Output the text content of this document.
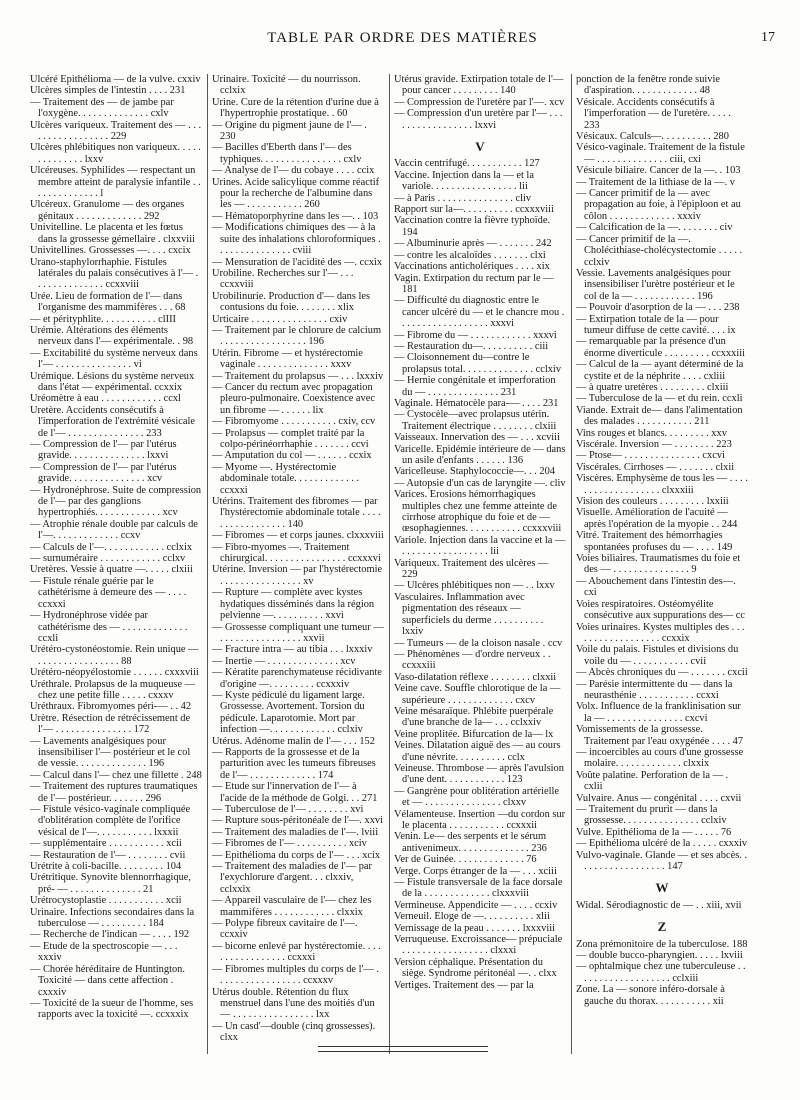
TABLE PAR ORDRE DES MATIÈRES	17

Ulcéré Epithélioma — de la vulve. cxxiv

Ulcères simples de l'intestin . . . . 231

— Traitement des — de jambe par l'oxygène. . . . . . . . . . . . . . cxlv

Ulcères variqueux. Traitement des — . . . . . . . . . . . . . . . . . 229

Ulcères phlébitiques non variqueux. . . . . . . . . . . . . . lxxv

Ulcéreuses. Syphilides — respectant un membre atteint de paralysie infantile . . . . . . . . . . . . . . l

Ulcéreux. Granulome — des organes génitaux . . . . . . . . . . . . . 292

Univitelline. Le placenta et les fœtus dans la grossesse gémellaire . clxxviii

Univitellines. Grossesses —. . . . cxcix

Urano-staphylorrhaphie. Fistules latérales du palais consécutives à l'— . . . . . . . . . . . . . . ccxxviii

Urée. Lieu de formation de l'— dans l'organisme des mammifères . . . 68

— et pérityphlite. . . . . . . . . . . clIII

Urémie. Altérations des éléments nerveux dans l'— expérimentale. . 98

— Excitabilité du système nerveux dans l'— . . . . . . . . . . . . . . . vi

Urémique. Lésions du système nerveux dans l'état — expérimental. ccxxix

Uréomètre à eau . . . . . . . . . . . . ccxl

Uretère. Accidents consécutifs à l'imperforation de l'extrémité vésicale de l'— . . . . . . . . . . . . . . . 233

— Compression de l'— par l'utérus gravide. . . . . . . . . . . . . . . lxxvi

— Compression de l'— par l'utérus gravide. . . . . . . . . . . . . . . xcv

— Hydronéphrose. Suite de compression de l'— par des ganglions hypertrophiés. . . . . . . . . . . . . xcv

— Atrophie rénale double par calculs de l'—. . . . . . . . . . . . . ccxv

— Calculs de l'—. . . . . . . . . . . . cclxix

— surnuméraire . . . . . . . . . . . . cclxv

Uretères. Vessie à quatre —. . . . . clxiii

— Fistule rénale guérie par le cathétérisme à demeure des — . . . . ccxxxi

— Hydronéphrose vidée par cathétérisme des — . . . . . . . . . . . . . ccxli

Urétéro-cystonéostomie. Rein unique — . . . . . . . . . . . . . . . . 88

Urétéro-néopyélostomie . . . . . . cxxxviii

Uréthrale. Prolapsus de la muqueuse — chez une petite fille . . . . . cxxxv

Uréthraux. Fibromyomes péri-— . . 42

Urètre. Résection de rétrécissement de l'— . . . . . . . . . . . . . . . 172

— Lavements analgésiques pour insensibiliser l'— postérieur et le col de vessie. . . . . . . . . . . . . . 196

— Calcul dans l'— chez une fillette . 248

— Traitement des ruptures traumatiques de l'— postérieur. . . . . . . 296

— Fistule vésico-vaginale compliquée d'oblitération complète de l'orifice vésical de l'—. . . . . . . . . . . lxxxii

— supplémentaire . . . . . . . . . . . xcii

— Restauration de l'— . . . . . . . . cvii

Urétrite à coli-bacille. . . . . . . . . 104

Urétritique. Synovite blennorrhagique, pré- — . . . . . . . . . . . . . . 21

Urétrocystoplastie . . . . . . . . . . . xcii

Urinaire. Infections secondaires dans la tuberculose — . . . . . . . . . 184

— Recherche de l'indican — . . . . 192

— Etude de la spectroscopie — . . . xxxiv

— Chorée héréditaire de Huntington. Toxicité — dans cette affection . cxxxiv

— Toxicité de la sueur de l'homme, ses rapports avec la toxicité —. ccxxxix

Urinaire. Toxicité — du nourrisson. cclxix

Urine. Cure de la rétention d'urine due à l'hypertrophie prostatique. . 60

— Origine du pigment jaune de l'— . 230

— Bacilles d'Eberth dans l'— des typhiques. . . . . . . . . . . . . . . . cxlv

— Analyse de l'— du cobaye . . . . ccix

Urines. Acide salicylique comme réactif pour la recherche de l'albumine dans les — . . . . . . . . . . . 260

— Hématoporphyrine dans les —. . 103

— Modifications chimiques des — à la suite des inhalations chloroformiques . . . . . . . . . . . . . . . cviii

— Mensuration de l'acidité des —. ccxix

Urobiline. Recherches sur l'— . . . ccxxviii

Urobilinurie. Production d'— dans les contusions du foie. . . . . . . . xlix

Urticaire . . . . . . . . . . . . . . . cxiv

— Traitement par le chlorure de calcium . . . . . . . . . . . . . . . . . 196

Utérin. Fibrome — et hystérectomie vaginale . . . . . . . . . . . . . . xxxv

— Traitement du prolapsus — . . . lxxxiv

— Cancer du rectum avec propagation pleuro-pulmonaire. Coexistence avec un fibrome — . . . . . . lix

— Fibromyome . . . . . . . . . . . cxiv, ccv

— Prolapsus — complet traité par la colpo-périnéorrhaphie . . . . . . . ccvi

— Amputation du col — . . . . . . ccxix

— Myome —. Hystérectomie abdominale totale. . . . . . . . . . . . . ccxxxi

Utérins. Traitement des fibromes — par l'hystérectomie abdominale totale . . . . . . . . . . . . . . . . . 140

— Fibromes — et corps jaunes. clxxxviii

— Fibro-myomes —. Traitement chirurgical. . . . . . . . . . . . . . . . ccxxxvi

Utérine. Inversion — par l'hystérectomie . . . . . . . . . . . . . . . . xv

— Rupture — complète avec kystes hydatiques disséminés dans la région pelvienne —. . . . . . . . . . xxvi

— Grossesse compliquant une tumeur — . . . . . . . . . . . . . . . . xxvii

— Fracture intra — au tibia . . . lxxxiv

— Inertie — . . . . . . . . . . . . . . xcv

— Kératite parenchymateuse récidivante d'origine —. . . . . . . . . ccxxxiv

— Kyste pédiculé du ligament large. Grossesse. Avortement. Torsion du pédicule. Laparotomie. Mort par infection —. . . . . . . . . . . . . cclxiv

Utérus. Adénome malin de l'— . . . 152

— Rapports de la grossesse et de la parturition avec les tumeurs fibreuses de l'— . . . . . . . . . . . . . 174

— Etude sur l'innervation de l'— à l'acide de la méthode de Golgi. . . 271

— Tuberculose de l'— . . . . . . . . xvi

— Rupture sous-péritonéale de l'—. xxvi

— Traitement des maladies de l'—. lviii

— Fibromes de l'— . . . . . . . . . . xciv

— Epithélioma du corps de l'— . . . xcix

— Traitement des maladies de l'— par l'exychlorure d'argent. . . clxxiv, cclxxix

— Appareil vasculaire de l'— chez les mammifères . . . . . . . . . . . . clxxix

— Polype fibreux cavitaire de l'—. ccxxiv

— bicorne enlevé par hystérectomie. . . . . . . . . . . . . . . . . ccxxxi

— Fibromes multiples du corps de l'— . . . . . . . . . . . . . . . . . ccxxxv

Utérus double. Rétention du flux menstruel dans l'une des moitiés d'un — . . . . . . . . . . . . . . . . lxx

— Un casd'—double (cinq grossesses). clxx

Utérus gravide. Extirpation totale de l'— pour cancer . . . . . . . . . 140

— Compression de l'uretère par l'—. xcv

— Compression d'un uretère par l'— . . . . . . . . . . . . . . . . . lxxvi

V

Vaccin centrifugé. . . . . . . . . . . 127

Vaccine. Injection dans la — et la variole. . . . . . . . . . . . . . . . . lii

— à Paris . . . . . . . . . . . . . . . cliv

Rapport sur la—. . . . . . . . . . ccxxxviii

Vaccination contre la fièvre typhoïde. 194

— Albuminurie après — . . . . . . . 242

— contre les alcaloïdes . . . . . . . clxi

Vaccinations anticholériques . . . . xix

Vagin. Extirpation du rectum par le — 181

— Difficulté du diagnostic entre le cancer ulcéré du — et le chancre mou . . . . . . . . . . . . . . . . . . xxxvi

— Fibrome du — . . . . . . . . . . . . xxxvi

— Restauration du—. . . . . . . . . . ciii

— Cloisonnement du—contre le prolapsus total. . . . . . . . . . . . . . cclxiv

— Hernie congénitale et imperforation du — . . . . . . . . . . . . . . 231

Vaginale. Hématocèle para-— . . . . 231

— Cystocèle—avec prolapsus utérin. Traitement électrique . . . . . . . . clxiii

Vaisseaux. Innervation des — . . . xcviii

Varicelle. Epidémie intérieure de — dans un asile d'enfants . . . . . . 136

Varicelleuse. Staphylococcie—. . . 204

— Autopsie d'un cas de laryngite —. cliv

Varices. Erosions hémorrhagiques multiples chez une femme atteinte de cirrhose atrophique du foie et de — œsophagiennes. . . . . . . . . . . ccxxxviii

Variole. Injection dans la vaccine et la — . . . . . . . . . . . . . . . . . lii

Variqueux. Traitement des ulcères — 229

— Ulcères phlébitiques non — . . lxxv

Vasculaires. Inflammation avec pigmentation des réseaux — superficiels du derme . . . . . . . . . . lxxiv

— Tumeurs — de la cloison nasale . ccv

— Phénomènes — d'ordre nerveux . . ccxxxiii

Vaso-dilatation réflexe . . . . . . . . clxxii

Veine cave. Souffle chlorotique de la — supérieure . . . . . . . . . . . . . cxcv

Veine mésaraïque. Phlébite puerpérale d'une branche de la— . . . cclxxiv

Veine proplitée. Bifurcation de la— lx

Veines. Dilatation aiguë des — au cours d'une névrite. . . . . . . . . . cclx

Veineuse. Thrombose — après l'avulsion d'une dent. . . . . . . . . . . . 123

— Gangrène pour oblitération artérielle et — . . . . . . . . . . . . . . . clxxv

Vélamenteuse. Insertion —du cordon sur le placenta . . . . . . . . . . . ccxxxii

Venin. Le— des serpents et le sérum antivenimeux. . . . . . . . . . . . . . 236

Ver de Guinée. . . . . . . . . . . . . . 76

Verge. Corps étranger de la — . . . xciii

— Fistule transversale de la face dorsale de la . . . . . . . . . . . . . clxxxviii

Vermineuse. Appendicite — . . . . ccxiv

Verneuil. Eloge de —. . . . . . . . . . xlii

Vernissage de la peau . . . . . . . lxxxviii

Verruqueuse. Excroissance— prépuciale . . . . . . . . . . . . . . . . . clxxxi

Version céphalique. Présentation du siège. Syndrome péritonéal —. . clxx

Vertiges. Traitement des — par la

ponction de la fenêtre ronde suivie d'aspiration. . . . . . . . . . . . . 48

Vésicale. Accidents consécutifs à l'imperforation — de l'uretère. . . . . 233

Vésicaux. Calculs—. . . . . . . . . . 280

Vésico-vaginale. Traitement de la fistule — . . . . . . . . . . . . . . ciii, cxi

Vésicule biliaire. Cancer de la —. . 103

— Traitement de la lithiase de la —. v

— Cancer primitif de la — avec propagation au foie, à l'épiploon et au côlon . . . . . . . . . . . . . xxxiv

— Calcification de la —. . . . . . . . civ

— Cancer primitif de la —. Cholécithiase-cholécystectomie . . . . . cclxiv

Vessie. Lavements analgésiques pour insensibiliser l'urètre postérieur et le col de la — . . . . . . . . . . . . 196

— Pouvoir d'asorption de la — . . . 238

— Extirpation totale de la — pour tumeur diffuse de cette cavité. . . . ix

— remarquable par la présence d'un énorme diverticule . . . . . . . . . ccxxxiii

— Calcul de la — ayant déterminé de la cystite et de la néphrite . . . . cxliii

— à quatre uretères . . . . . . . . . clxiii

— Tuberculose de la — et du rein. ccxli

Viande. Extrait de— dans l'alimentation des malades . . . . . . . . . . . 211

Vins rouges et blancs. . . . . . . . . xxv

Viscérale. Inversion — . . . . . . . . 223

— Ptose— . . . . . . . . . . . . . . . cxcvi

Viscérales. Cirrhoses — . . . . . . . clxii

Viscères. Emphysème de tous les — . . . . . . . . . . . . . . . . . . . clxxxiii

Vision des couleurs . . . . . . . . . lxxiii

Visuelle. Amélioration de l'acuité — après l'opération de la myopie . . 244

Vitré. Traitement des hémorrhagies spontanées profuses du — . . . . 149

Voies biliaires. Traumatismes du foie et des — . . . . . . . . . . . . . . . 9

— Abouchement dans l'intestin des—. cxi

Voies respiratoires. Ostéomyélite consécutive aux suppurations des— cc

Voies urinaires. Kystes multiples des . . . . . . . . . . . . . . . . . . ccxxix

Voile du palais. Fistules et divisions du voile du — . . . . . . . . . . . cvii

— Abcès chroniques du — . . . . . . . cxcii

— Parésie intermittente du — dans la neurasthénie . . . . . . . . . . . ccxxi

Volx. Influence de la franklinisation sur la — . . . . . . . . . . . . . . . cxcvi

Vomissements de la grossesse. Traitement par l'eau oxygénée . . . . 47

— incoercibles au cours d'une grossesse molaire. . . . . . . . . . . . . clxxix

Voûte palatine. Perforation de la — . cxlii

Vulvaire. Anus — congénital . . . . cxvii

— Traitement du prurit — dans la grossesse. . . . . . . . . . . . . . . cclxiv

Vulve. Epithélioma de la — . . . . . 76

— Epithélioma ulcéré de la . . . . . cxxxiv

Vulvo-vaginale. Glande — et ses abcès. . . . . . . . . . . . . . . . . . 147

W

Widal. Sérodiagnostic de — . . xiii, xvii

Z

Zona prémonitoire de la tuberculose. 188

— double bucco-pharyngien. . . . . lxviii

— ophtalmique chez une tuberculeuse . . . . . . . . . . . . . . . . . . . cclxiii

Zone. La — sonore inféro-dorsale à gauche du thorax. . . . . . . . . . . xii
